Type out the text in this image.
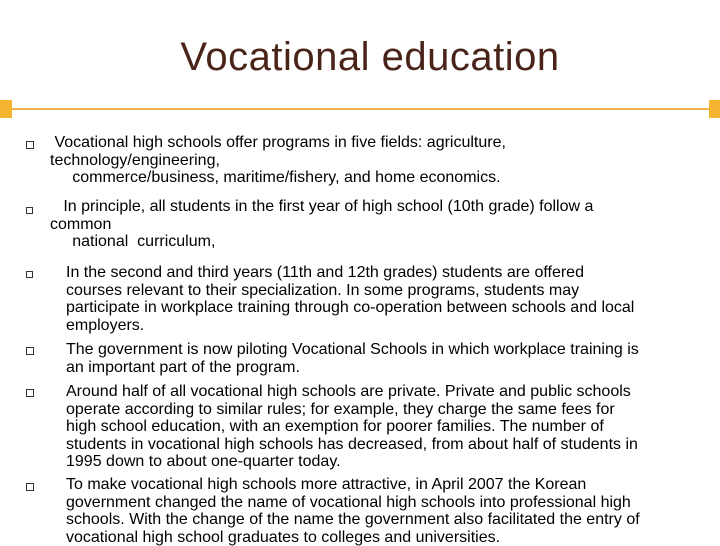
Vocational education
Vocational high schools offer programs in five fields: agriculture,
technology/engineering,
commerce/business, maritime/fishery, and home economics.
In principle, all students in the first year of high school (10th grade) follow a
common
national  curriculum,
In the second and third years (11th and 12th grades) students are offered
courses relevant to their specialization. In some programs, students may
participate in workplace training through co-operation between schools and local
employers.
The government is now piloting Vocational Schools in which workplace training is
an important part of the program.
Around half of all vocational high schools are private. Private and public schools
operate according to similar rules; for example, they charge the same fees for
high school education, with an exemption for poorer families. The number of
students in vocational high schools has decreased, from about half of students in
1995 down to about one-quarter today.
To make vocational high schools more attractive, in April 2007 the Korean
government changed the name of vocational high schools into professional high
schools. With the change of the name the government also facilitated the entry of
vocational high school graduates to colleges and universities.
